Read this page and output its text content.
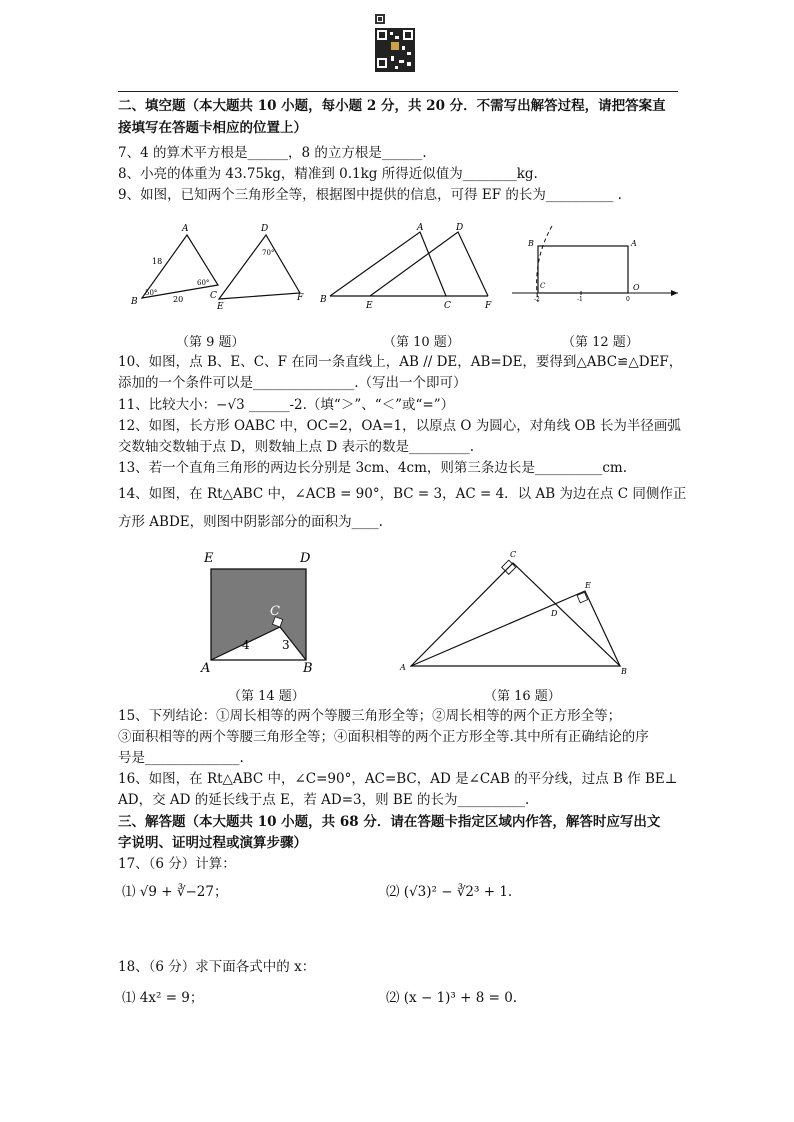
二、填空题（本大题共 10 小题，每小题 2 分，共 20 分．不需写出解答过程，请把答案直
接填写在答题卡相应的位置上）
7、4 的算术平方根是______，8 的立方根是______.
8、小亮的体重为 43.75kg，精准到 0.1kg 所得近似值为________kg.
9、如图，已知两个三角形全等，根据图中提供的信息，可得 EF 的长为__________ .
A
B
C
D
E
F
18
20
50°
60°
70°
A
B
C
D
E	F
B	A
C	O
-2	-1	0
（第 9 题）	（第 10 题）	（第 12 题）
10、如图，点 B、E、C、F 在同一条直线上，AB // DE，AB=DE，要得到△ABC≌△DEF，
添加的一个条件可以是_______________.（写出一个即可）
11、比较大小：−√3 ______-2.（填“＞”、“＜”或“=”）
12、如图，长方形 OABC 中，OC=2，OA=1，以原点 O 为圆心，对角线 OB 长为半径画弧
交数轴交数轴于点 D，则数轴上点 D 表示的数是_________.
13、若一个直角三角形的两边长分别是 3cm、4cm，则第三条边长是__________cm.
14、如图，在 Rt△ABC 中，∠ACB = 90°，BC = 3，AC = 4．以 AB 为边在点 C 同侧作正
方形 ABDE，则图中阴影部分的面积为____.
E	D
C
A	B
4	3
C
E
D
A	B
（第 14 题）	（第 16 题）
15、下列结论：①周长相等的两个等腰三角形全等；②周长相等的两个正方形全等；
③面积相等的两个等腰三角形全等；④面积相等的两个正方形全等.其中所有正确结论的序
号是______________.
16、如图，在 Rt△ABC 中，∠C=90°，AC=BC，AD 是∠CAB 的平分线，过点 B 作 BE⊥
AD，交 AD 的延长线于点 E，若 AD=3，则 BE 的长为__________.
三、解答题（本大题共 10 小题，共 68 分．请在答题卡指定区域内作答，解答时应写出文
字说明、证明过程或演算步骤）
17、（6 分）计算：
⑴ √9 + ∛−27；	⑵ (√3)² − ∛2³ + 1.
18、（6 分）求下面各式中的 x：
⑴ 4x² = 9；	⑵ (x − 1)³ + 8 = 0.
